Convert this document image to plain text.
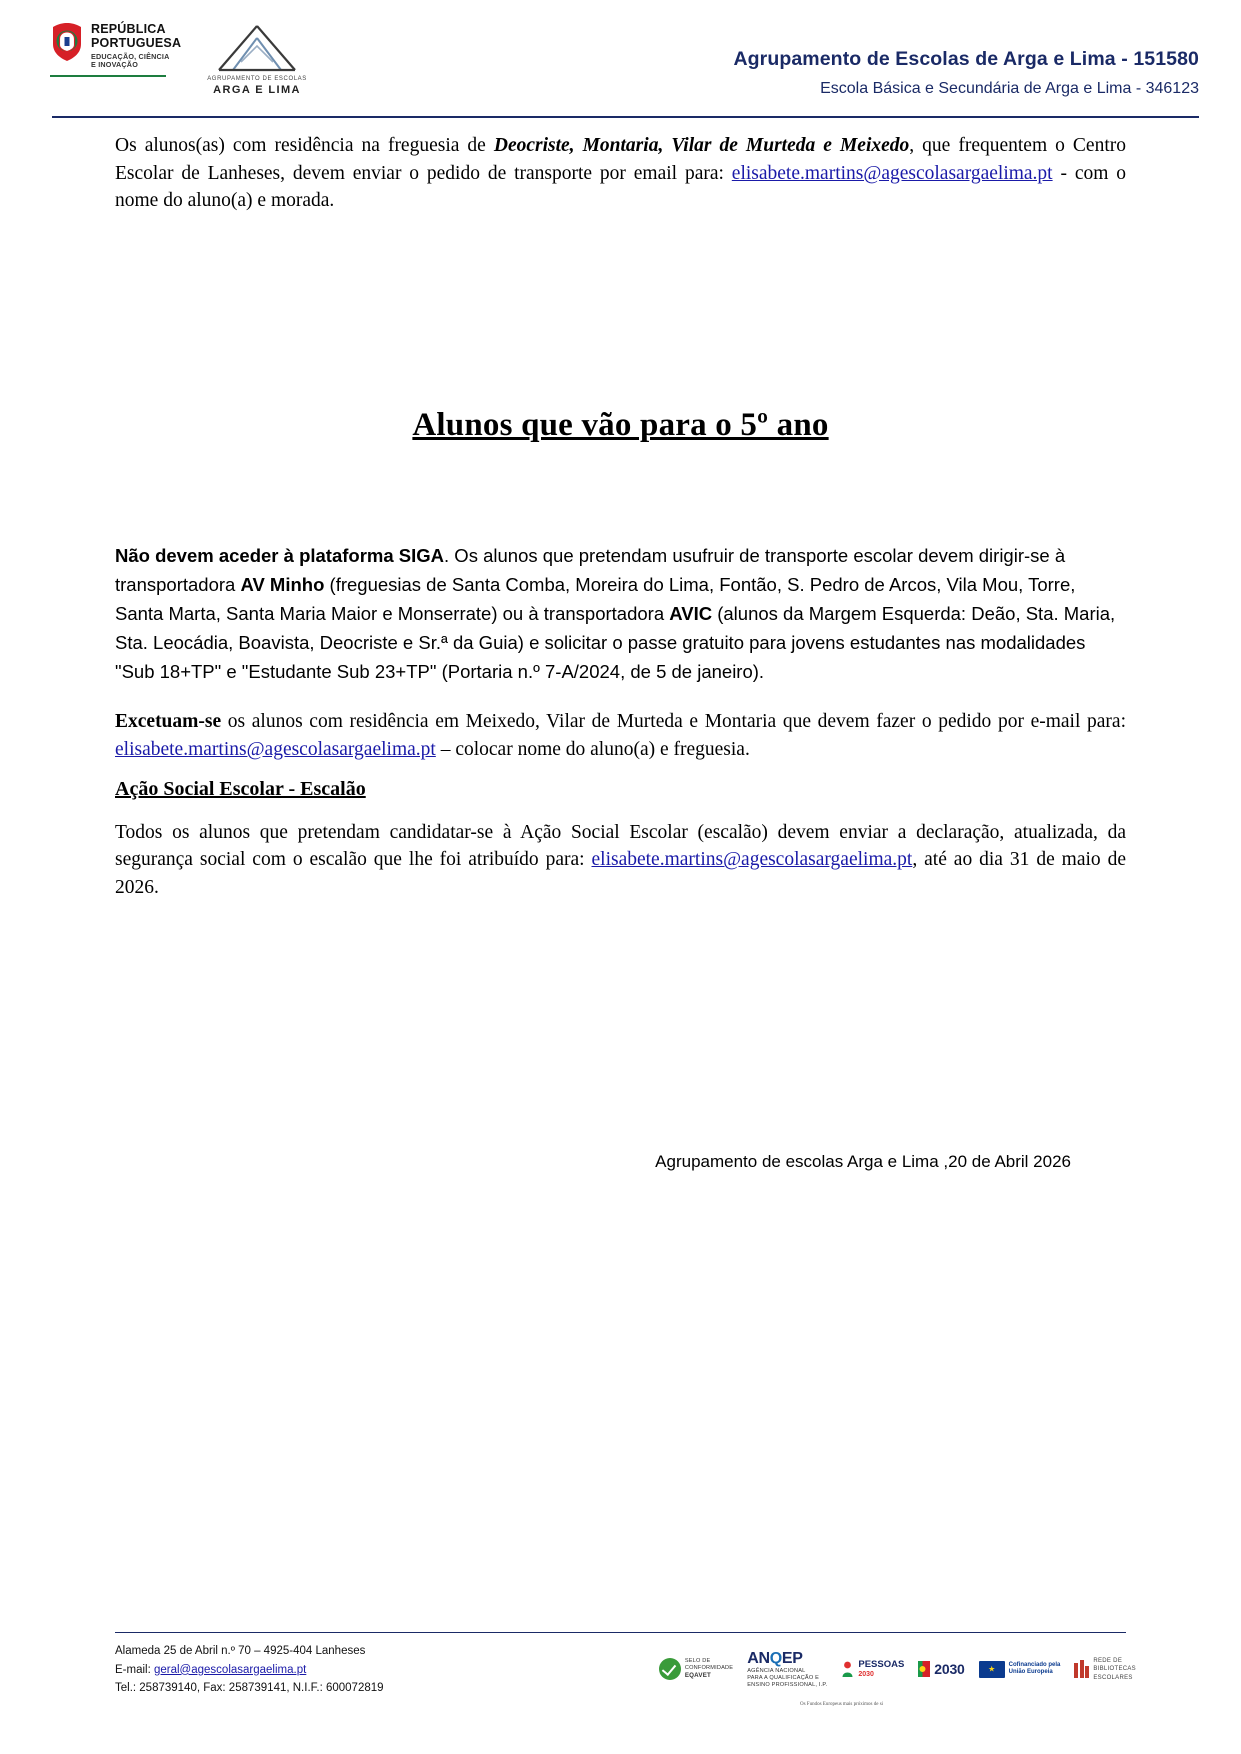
REPÚBLICA
PORTUGUESA
EDUCAÇÃO, CIÊNCIA
E INOVAÇÃO
AGRUPAMENTO DE ESCOLAS
ARGA E LIMA
Agrupamento de Escolas de Arga e Lima - 151580
Escola Básica e Secundária de Arga e Lima - 346123

Os alunos(as) com residência na freguesia de Deocriste, Montaria, Vilar de Murteda e Meixedo, que frequentem o Centro Escolar de Lanheses, devem enviar o pedido de transporte por email para: elisabete.martins@agescolasargaelima.pt - com o nome do aluno(a) e morada.

Alunos que vão para o 5º ano

Não devem aceder à plataforma SIGA. Os alunos que pretendam usufruir de transporte escolar devem dirigir-se à transportadora AV Minho (freguesias de Santa Comba, Moreira do Lima, Fontão, S. Pedro de Arcos, Vila Mou, Torre, Santa Marta, Santa Maria Maior e Monserrate) ou à transportadora AVIC (alunos da Margem Esquerda: Deão, Sta. Maria, Sta. Leocádia, Boavista, Deocriste e Sr.ª da Guia) e solicitar o passe gratuito para jovens estudantes nas modalidades "Sub 18+TP" e "Estudante Sub 23+TP" (Portaria n.º 7-A/2024, de 5 de janeiro).

Excetuam-se os alunos com residência em Meixedo, Vilar de Murteda e Montaria que devem fazer o pedido por e-mail para: elisabete.martins@agescolasargaelima.pt – colocar nome do aluno(a) e freguesia.

Ação Social Escolar - Escalão

Todos os alunos que pretendam candidatar-se à Ação Social Escolar (escalão) devem enviar a declaração, atualizada, da segurança social com o escalão que lhe foi atribuído para: elisabete.martins@agescolasargaelima.pt, até ao dia 31 de maio de 2026.

Agrupamento de escolas Arga e Lima ,20 de Abril 2026
Alameda 25 de Abril n.º 70 – 4925-404 Lanheses
E-mail: geral@agescolasargaelima.pt
Tel.: 258739140, Fax: 258739141, N.I.F.: 600072819
SELO DE
CONFORMIDADE
EQAVET
ANQEP
AGÊNCIA NACIONAL
PARA A QUALIFICAÇÃO E
ENSINO PROFISSIONAL, I.P.
PESSOAS
2030	2030 ★	Cofinanciado pela
União Europeia
REDE DE
BIBLIOTECAS
ESCOLARES
Os Fundos Europeus mais próximos de si
